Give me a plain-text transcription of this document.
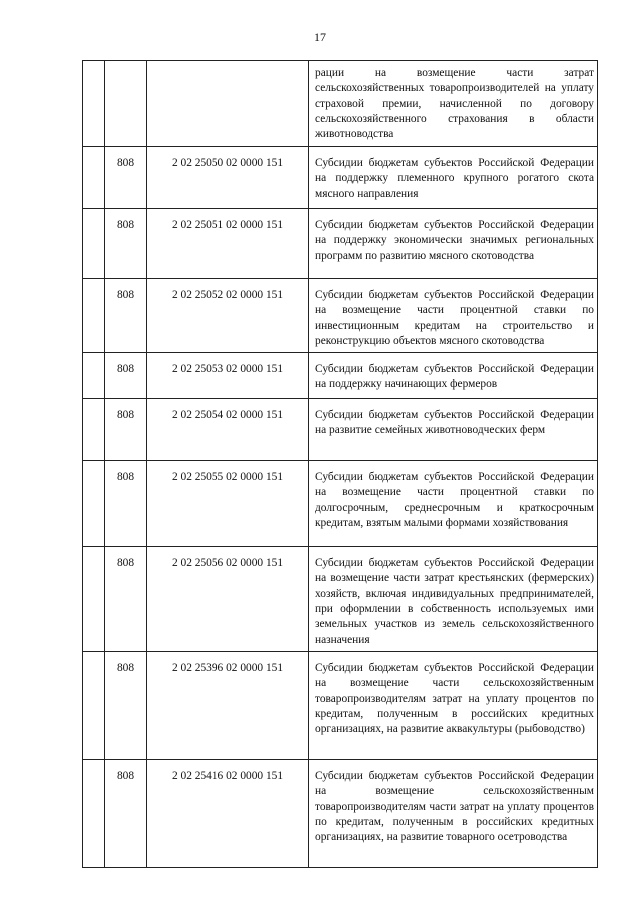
17
			рации на возмещение части затрат сельскохозяйственных товаропроизводителей на уплату страховой премии, начисленной по договору сельскохозяйственного страхования в области животноводства
	808	2 02 25050 02 0000 151	Субсидии бюджетам субъектов Российской Федерации на поддержку племенного крупного рогатого скота мясного направления
	808	2 02 25051 02 0000 151	Субсидии бюджетам субъектов Российской Федерации на поддержку экономически значимых региональных программ по развитию мясного скотоводства
	808	2 02 25052 02 0000 151	Субсидии бюджетам субъектов Российской Федерации на возмещение части процентной ставки по инвестиционным кредитам на строительство и реконструкцию объектов мясного скотоводства
	808	2 02 25053 02 0000 151	Субсидии бюджетам субъектов Российской Федерации на поддержку начинающих фермеров
	808	2 02 25054 02 0000 151	Субсидии бюджетам субъектов Российской Федерации на развитие семейных животноводческих ферм
	808	2 02 25055 02 0000 151	Субсидии бюджетам субъектов Российской Федерации на возмещение части процентной ставки по долгосрочным, среднесрочным и краткосрочным кредитам, взятым малыми формами хозяйствования
	808	2 02 25056 02 0000 151	Субсидии бюджетам субъектов Российской Федерации на возмещение части затрат крестьянских (фермерских) хозяйств, включая индивидуальных предпринимателей, при оформлении в собственность используемых ими земельных участков из земель сельскохозяйственного назначения
	808	2 02 25396 02 0000 151	Субсидии бюджетам субъектов Российской Федерации на возмещение части сельскохозяйственным товаропроизводителям затрат на уплату процентов по кредитам, полученным в российских кредитных организациях, на развитие аквакультуры (рыбоводство)
	808	2 02 25416 02 0000 151	Субсидии бюджетам субъектов Российской Федерации на возмещение сельскохозяйственным товаропроизводителям части затрат на уплату процентов по кредитам, полученным в российских кредитных организациях, на развитие товарного осетроводства
